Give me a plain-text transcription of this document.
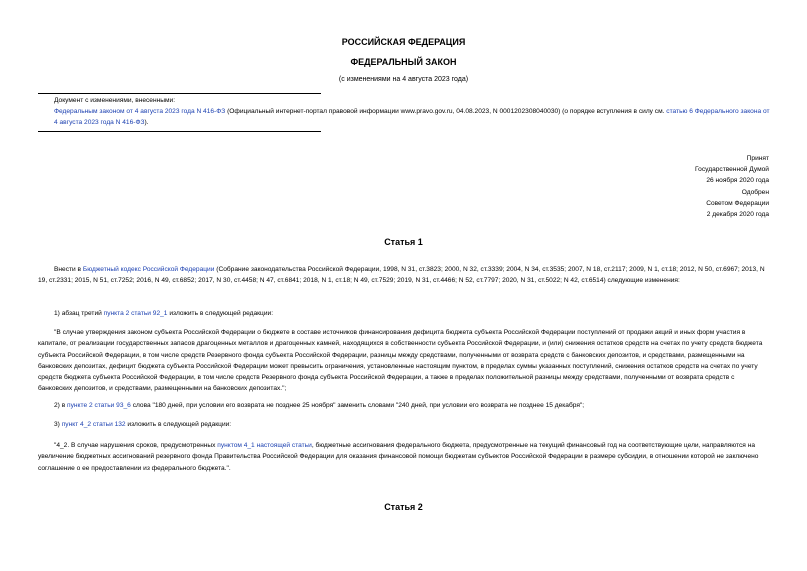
РОССИЙСКАЯ ФЕДЕРАЦИЯ
ФЕДЕРАЛЬНЫЙ ЗАКОН
(с изменениями на 4 августа 2023 года)
Документ с изменениями, внесенными:
Федеральным законом от 4 августа 2023 года N 416-ФЗ (Официальный интернет-портал правовой информации www.pravo.gov.ru, 04.08.2023, N 0001202308040030) (о порядке вступления в силу см. статью 6 Федерального закона от 4 августа 2023 года N 416-ФЗ).
Принят
Государственной Думой
26 ноября 2020 года
Одобрен
Советом Федерации
2 декабря 2020 года
Статья 1
Внести в Бюджетный кодекс Российской Федерации (Собрание законодательства Российской Федерации, 1998, N 31, ст.3823; 2000, N 32, ст.3339; 2004, N 34, ст.3535; 2007, N 18, ст.2117; 2009, N 1, ст.18; 2012, N 50, ст.6967; 2013, N 19, ст.2331; 2015, N 51, ст.7252; 2016, N 49, ст.6852; 2017, N 30, ст.4458; N 47, ст.6841; 2018, N 1, ст.18; N 49, ст.7529; 2019, N 31, ст.4466; N 52, ст.7797; 2020, N 31, ст.5022; N 42, ст.6514) следующие изменения:
1) абзац третий пункта 2 статьи 92_1 изложить в следующей редакции:
"В случае утверждения законом субъекта Российской Федерации о бюджете в составе источников финансирования дефицита бюджета субъекта Российской Федерации поступлений от продажи акций и иных форм участия в капитале, от реализации государственных запасов драгоценных металлов и драгоценных камней, находящихся в собственности субъекта Российской Федерации, и (или) снижения остатков средств на счетах по учету средств бюджета субъекта Российской Федерации, в том числе средств Резервного фонда субъекта Российской Федерации, разницы между средствами, полученными от возврата средств с банковских депозитов, и средствами, размещенными на банковских депозитах, дефицит бюджета субъекта Российской Федерации может превысить ограничения, установленные настоящим пунктом, в пределах суммы указанных поступлений, снижения остатков средств на счетах по учету средств бюджета субъекта Российской Федерации, в том числе средств Резервного фонда субъекта Российской Федерации, а также в пределах положительной разницы между средствами, полученными от возврата средств с банковских депозитов, и средствами, размещенными на банковских депозитах.";
2) в пункте 2 статьи 93_6 слова "180 дней, при условии его возврата не позднее 25 ноября" заменить словами "240 дней, при условии его возврата не позднее 15 декабря";
3) пункт 4_2 статьи 132 изложить в следующей редакции:
"4_2. В случае нарушения сроков, предусмотренных пунктом 4_1 настоящей статьи, бюджетные ассигнования федерального бюджета, предусмотренные на текущий финансовый год на соответствующие цели, направляются на увеличение бюджетных ассигнований резервного фонда Правительства Российской Федерации для оказания финансовой помощи бюджетам субъектов Российской Федерации в размере субсидии, в отношении которой не заключено соглашение о ее предоставлении из федерального бюджета.".
Статья 2
